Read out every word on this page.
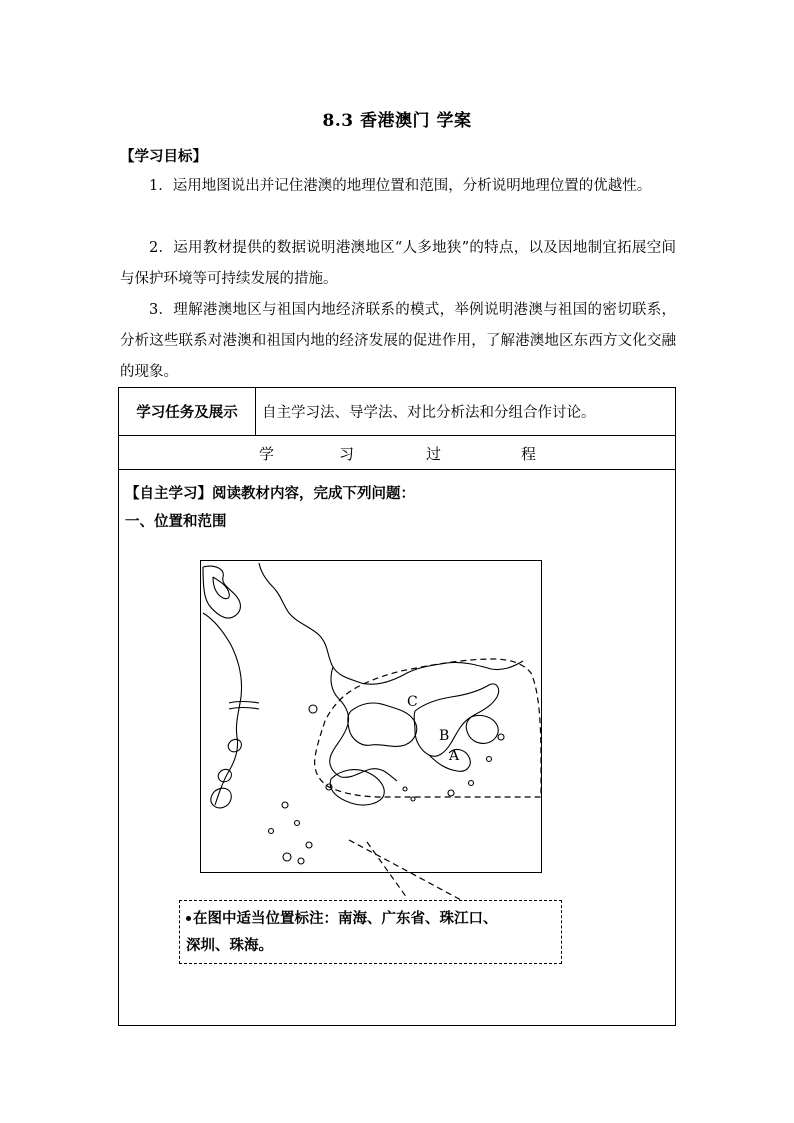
8.3 香港澳门 学案
【学习目标】

1．运用地图说出并记住港澳的地理位置和范围，分析说明地理位置的优越性。

2．运用教材提供的数据说明港澳地区“人多地狭”的特点，以及因地制宜拓展空间与保护环境等可持续发展的措施。

3．理解港澳地区与祖国内地经济联系的模式，举例说明港澳与祖国的密切联系，分析这些联系对港澳和祖国内地的经济发展的促进作用，了解港澳地区东西方文化交融的现象。

学习任务及展示	自主学习法、导学法、对比分析法和分组合作讨论。

学	习	过	程

【自主学习】阅读教材内容，完成下列问题：
一、位置和范围
C
B
A
在图中适当位置标注：南海、广东省、珠江口、
深圳、珠海。
